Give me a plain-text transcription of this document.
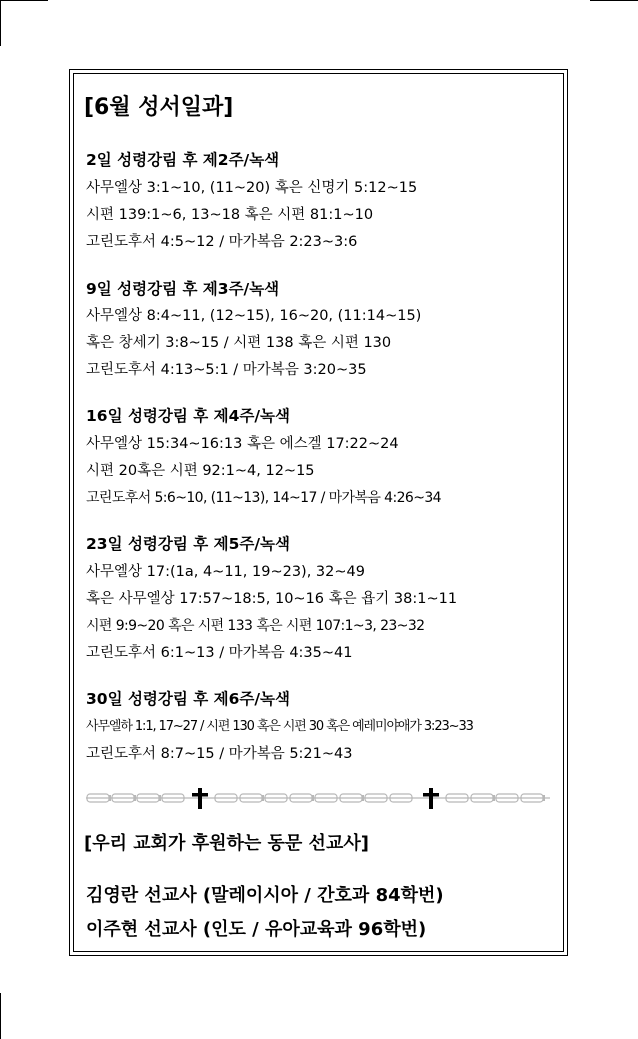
[6월 성서일과]
2일 성령강림 후 제2주/녹색
사무엘상 3:1~10, (11~20) 혹은 신명기 5:12~15
시편 139:1~6, 13~18 혹은 시편 81:1~10
고린도후서 4:5~12 / 마가복음 2:23~3:6
9일 성령강림 후 제3주/녹색
사무엘상 8:4~11, (12~15), 16~20, (11:14~15)
혹은 창세기 3:8~15 / 시편 138 혹은 시편 130
고린도후서 4:13~5:1 / 마가복음 3:20~35
16일 성령강림 후 제4주/녹색
사무엘상 15:34~16:13 혹은 에스겔 17:22~24
시편 20혹은 시편 92:1~4, 12~15
고린도후서 5:6~10, (11~13), 14~17 / 마가복음 4:26~34
23일 성령강림 후 제5주/녹색
사무엘상 17:(1a, 4~11, 19~23), 32~49
혹은 사무엘상 17:57~18:5, 10~16 혹은 욥기 38:1~11
시편 9:9~20 혹은 시편 133 혹은 시편 107:1~3, 23~32
고린도후서 6:1~13 / 마가복음 4:35~41
30일 성령강림 후 제6주/녹색
사무엘하 1:1, 17~27 / 시편 130 혹은 시편 30 혹은 예레미야애가 3:23~33
고린도후서 8:7~15 / 마가복음 5:21~43
[우리 교회가 후원하는 동문 선교사]
김영란 선교사 (말레이시아 / 간호과 84학번)
이주현 선교사 (인도 / 유아교육과 96학번)
